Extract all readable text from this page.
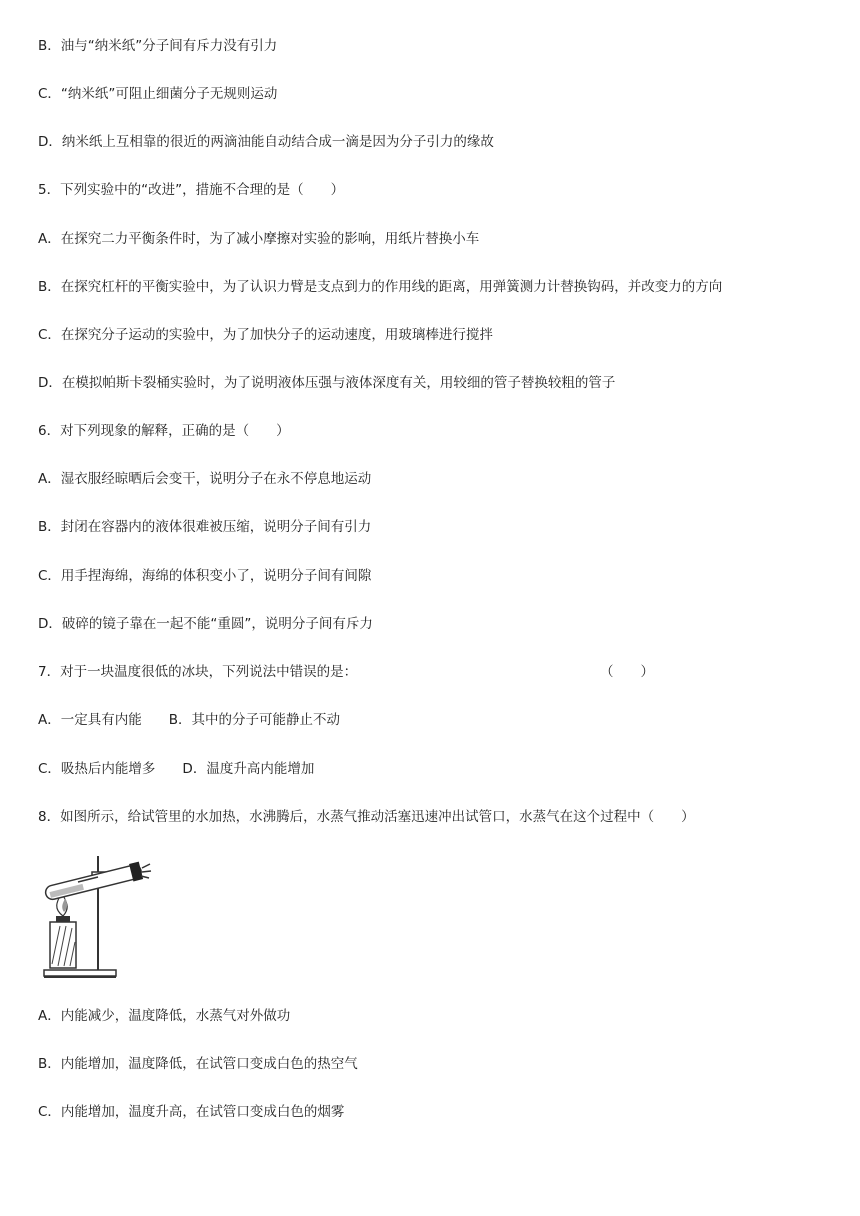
B．油与“纳米纸”分子间有斥力没有引力
C．“纳米纸”可阻止细菌分子无规则运动
D．纳米纸上互相靠的很近的两滴油能自动结合成一滴是因为分子引力的缘故
5．下列实验中的“改进”，措施不合理的是（　　）
A．在探究二力平衡条件时，为了减小摩擦对实验的影响，用纸片替换小车
B．在探究杠杆的平衡实验中，为了认识力臂是支点到力的作用线的距离，用弹簧测力计替换钩码，并改变力的方向
C．在探究分子运动的实验中，为了加快分子的运动速度，用玻璃棒进行搅拌
D．在模拟帕斯卡裂桶实验时，为了说明液体压强与液体深度有关，用较细的管子替换较粗的管子
6．对下列现象的解释，正确的是（　　）
A．湿衣服经晾晒后会变干，说明分子在永不停息地运动
B．封闭在容器内的液体很难被压缩，说明分子间有引力
C．用手捏海绵，海绵的体积变小了，说明分子间有间隙
D．破碎的镜子靠在一起不能“重圆”，说明分子间有斥力
7．对于一块温度很低的冰块，下列说法中错误的是：	（　　）
A．一定具有内能　　B．其中的分子可能静止不动
C．吸热后内能增多　　D．温度升高内能增加
8．如图所示，给试管里的水加热，水沸腾后，水蒸气推动活塞迅速冲出试管口，水蒸气在这个过程中（　　）
A．内能减少，温度降低，水蒸气对外做功
B．内能增加，温度降低，在试管口变成白色的热空气
C．内能增加，温度升高，在试管口变成白色的烟雾
